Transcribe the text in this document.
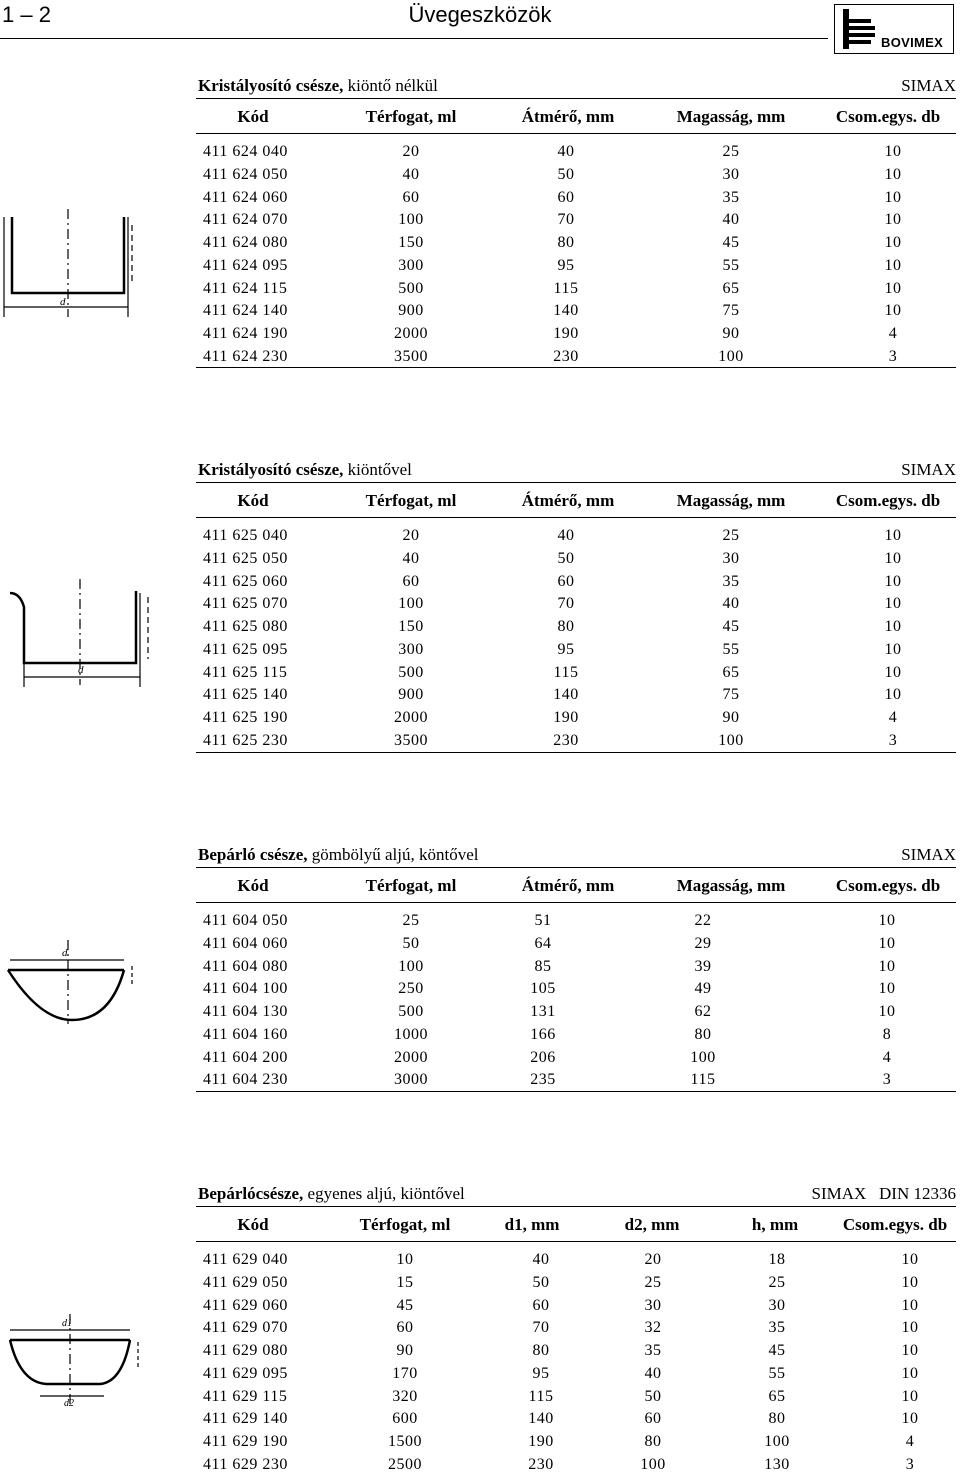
1 – 2	Üvegeszközök
BOVIMEX
Kristályosító csésze, kiöntő nélkül	SIMAX
Kód	Térfogat, ml	Átmérő, mm	Magasság, mm	Csom.egys. db
411 624 040	20	40	25	10
411 624 050	40	50	30	10
411 624 060	60	60	35	10
411 624 070	100	70	40	10
411 624 080	150	80	45	10
411 624 095	300	95	55	10
411 624 115	500	115	65	10
411 624 140	900	140	75	10
411 624 190	2000	190	90	4
411 624 230	3500	230	100	3
Kristályosító csésze, kiöntővel	SIMAX
Kód	Térfogat, ml	Átmérő, mm	Magasság, mm	Csom.egys. db
411 625 040	20	40	25	10
411 625 050	40	50	30	10
411 625 060	60	60	35	10
411 625 070	100	70	40	10
411 625 080	150	80	45	10
411 625 095	300	95	55	10
411 625 115	500	115	65	10
411 625 140	900	140	75	10
411 625 190	2000	190	90	4
411 625 230	3500	230	100	3
Bepárló csésze, gömbölyű aljú, köntővel	SIMAX
Kód	Térfogat, ml	Átmérő, mm	Magasság, mm	Csom.egys. db
411 604 050	25	51	22	10
411 604 060	50	64	29	10
411 604 080	100	85	39	10
411 604 100	250	105	49	10
411 604 130	500	131	62	10
411 604 160	1000	166	80	8
411 604 200	2000	206	100	4
411 604 230	3000	235	115	3
Bepárlócsésze, egyenes aljú, kiöntővel	SIMAX   DIN 12336
Kód	Térfogat, ml	d1, mm	d2, mm	h, mm	Csom.egys. db
411 629 040	10	40	20	18	10
411 629 050	15	50	25	25	10
411 629 060	45	60	30	30	10
411 629 070	60	70	32	35	10
411 629 080	90	80	35	45	10
411 629 095	170	95	40	55	10
411 629 115	320	115	50	65	10
411 629 140	600	140	60	80	10
411 629 190	1500	190	80	100	4
411 629 230	2500	230	100	130	3
d
d
d
d1
d2
